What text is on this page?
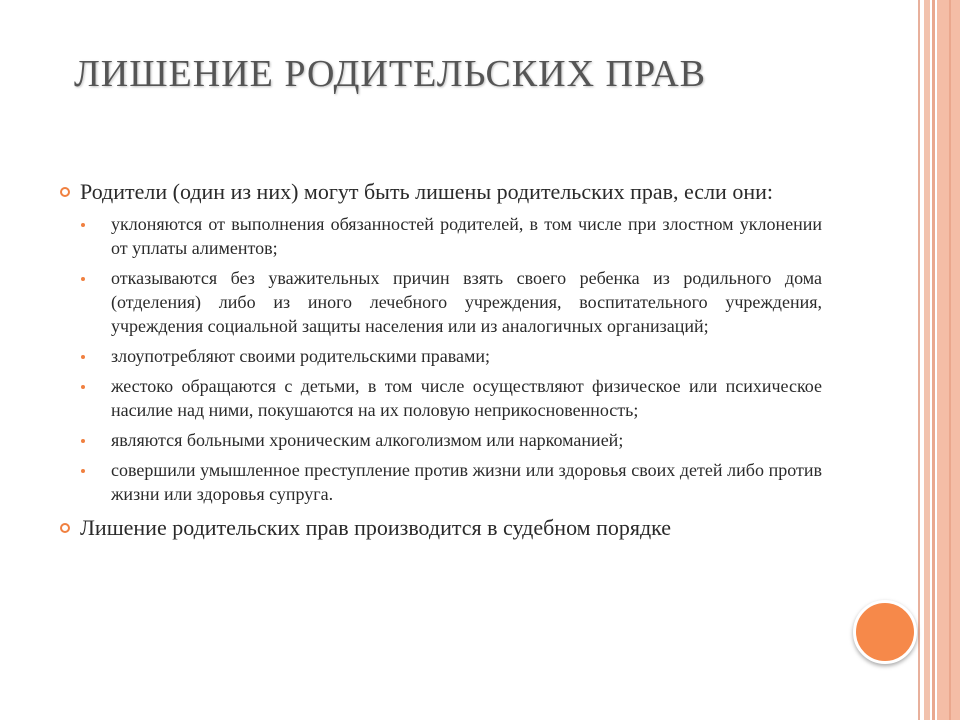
ЛИШЕНИЕ РОДИТЕЛЬСКИХ ПРАВ
Родители (один из них) могут быть лишены родительских прав, если они:
уклоняются от выполнения обязанностей родителей, в том числе при злостном уклонении от уплаты алиментов;
отказываются без уважительных причин взять своего ребенка из родильного дома (отделения) либо из иного лечебного учреждения, воспитательного учреждения, учреждения социальной защиты населения или из аналогичных организаций;
злоупотребляют своими родительскими правами;
жестоко обращаются с детьми, в том числе осуществляют физическое или психическое насилие над ними, покушаются на их половую неприкосновенность;
являются больными хроническим алкоголизмом или наркоманией;
совершили умышленное преступление против жизни или здоровья своих детей либо против жизни или здоровья супруга.
Лишение родительских прав производится в судебном порядке
